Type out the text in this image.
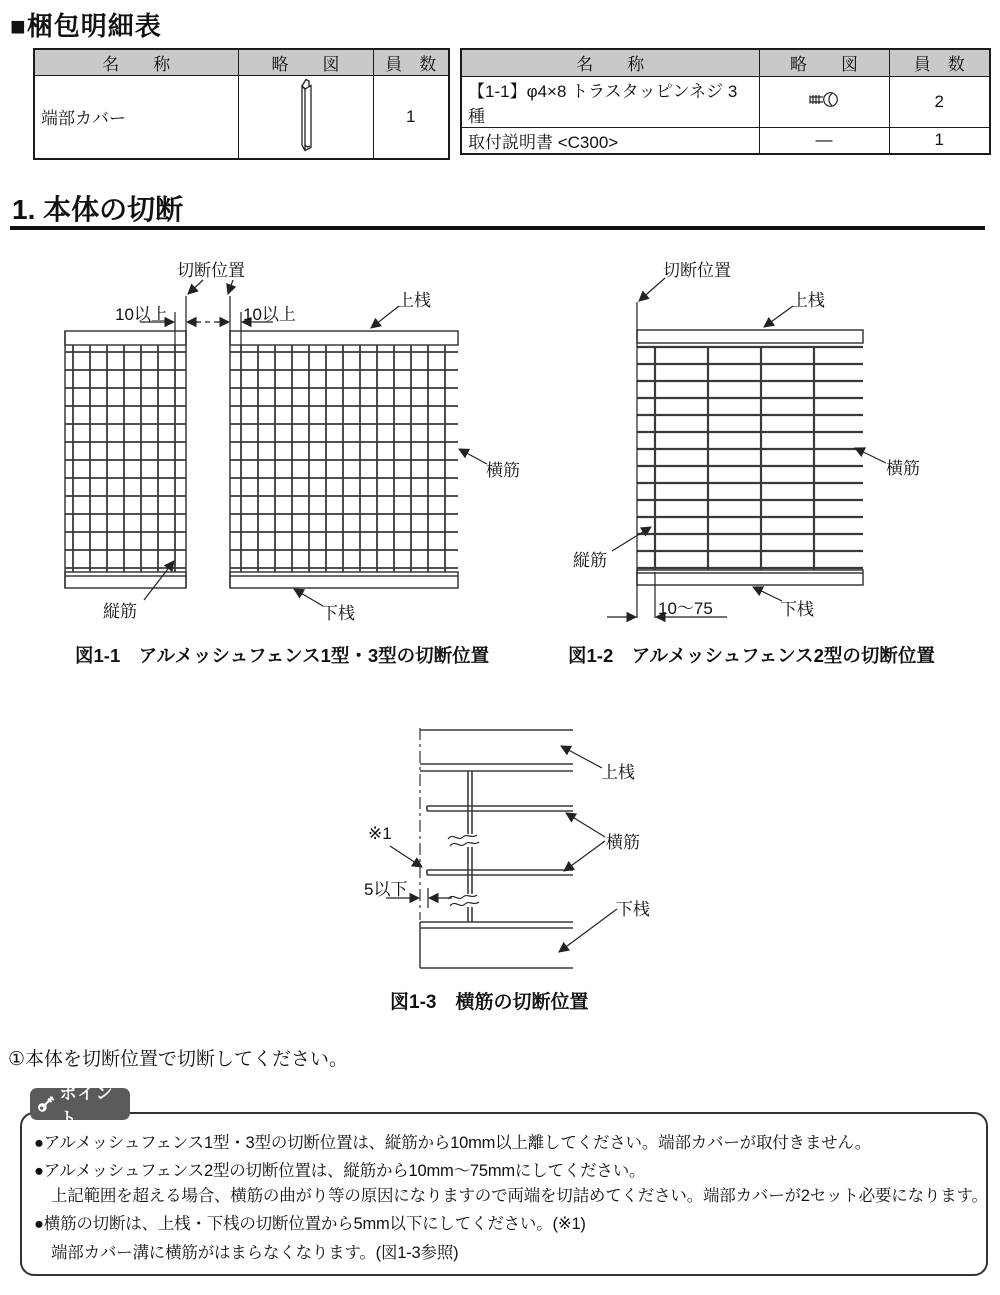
■梱包明細表
名　　称	略　　図	員　数
端部カバー		1
名　　称	略　　図	員　数
【1-1】φ4×8 トラスタッピンネジ 3 種		2
取付説明書 <C300>	―	1
1. 本体の切断
切断位置
10以上	10以上
上桟
横筋
縦筋	下桟
図1-1　アルメッシュフェンス1型・3型の切断位置
切断位置
上桟
横筋
縦筋
下桟
10〜75
図1-2　アルメッシュフェンス2型の切断位置
※1
5以下
上桟
横筋
下桟
図1-3　横筋の切断位置
①本体を切断位置で切断してください。
●アルメッシュフェンス1型・3型の切断位置は、縦筋から10mm以上離してください。端部カバーが取付きません。
●アルメッシュフェンス2型の切断位置は、縦筋から10mm〜75mmにしてください。
上記範囲を超える場合、横筋の曲がり等の原因になりますので両端を切詰めてください。端部カバーが2セット必要になります。
●横筋の切断は、上桟・下桟の切断位置から5mm以下にしてください。(※1)
端部カバー溝に横筋がはまらなくなります。(図1-3参照)
ポイント
